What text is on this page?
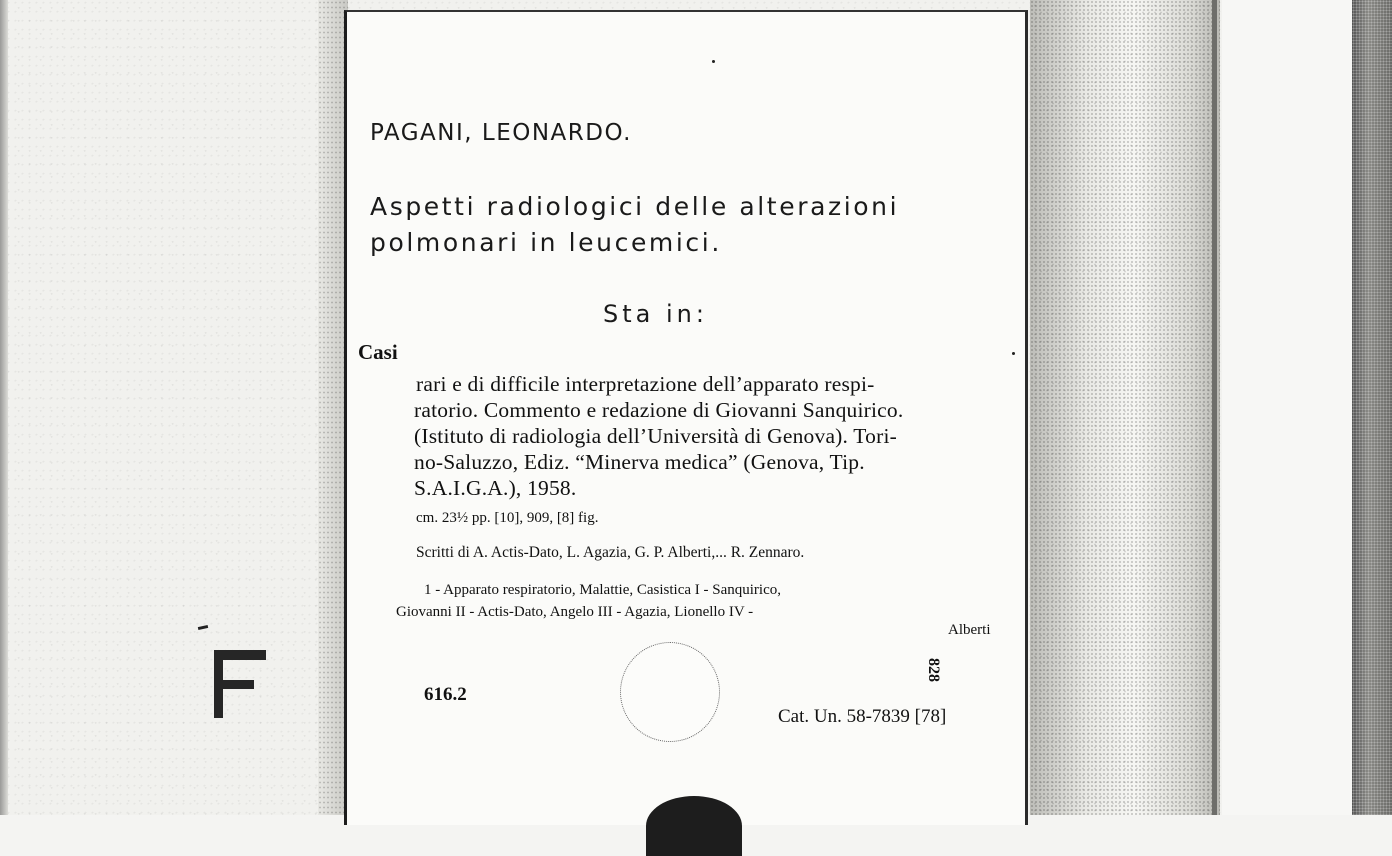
PAGANI, LEONARDO.
Aspetti radiologici delle alterazioni
polmonari in leucemici.
Sta in:
Casi
rari e di difficile interpretazione dell’apparato respi-
ratorio. Commento e redazione di Giovanni Sanquirico.
(Istituto di radiologia dell’Università di Genova). Tori-
no-Saluzzo, Ediz. “Minerva medica” (Genova, Tip.
S.A.I.G.A.), 1958.
cm. 23½ pp. [10], 909, [8] fig.
Scritti di A. Actis-Dato, L. Agazia, G. P. Alberti,... R. Zennaro.
1 - Apparato respiratorio, Malattie, Casistica I - Sanquirico,
Giovanni II - Actis-Dato, Angelo III - Agazia, Lionello IV -
Alberti
616.2
828
Cat. Un. 58-7839 [78]
